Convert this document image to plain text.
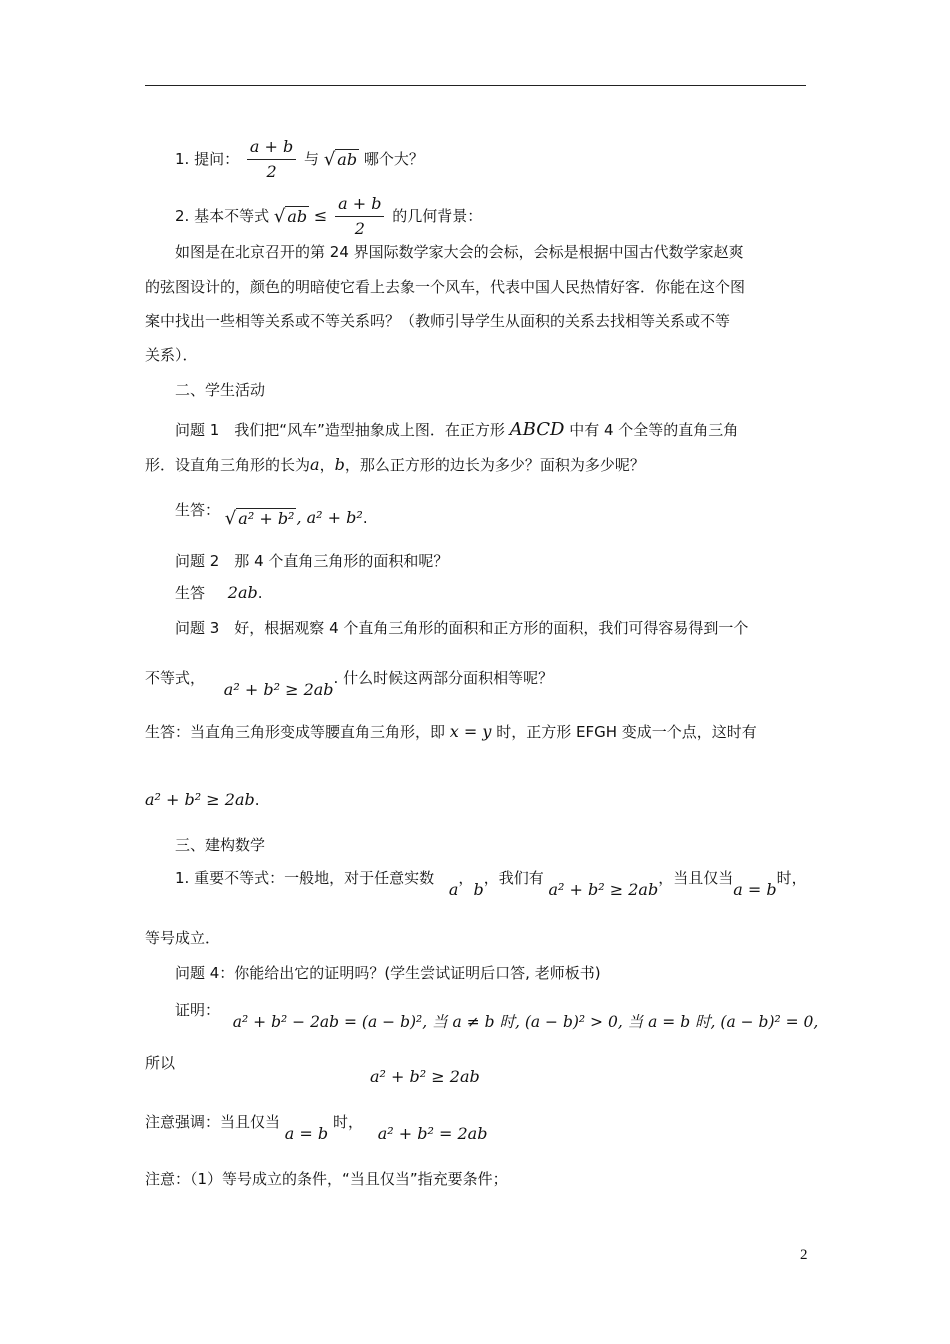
1. 提问： $\frac{a + b}{2}$ 与 √ ab 哪个大？
2. 基本不等式 √ ab ≤ $\frac{a + b}{2}$ 的几何背景：
如图是在北京召开的第 24 界国际数学家大会的会标，会标是根据中国古代数学家赵爽
的弦图设计的，颜色的明暗使它看上去象一个风车，代表中国人民热情好客．你能在这个图
案中找出一些相等关系或不等关系吗？（教师引导学生从面积的关系去找相等关系或不等
关系）．
二、学生活动
问题 1　我们把“风车”造型抽象成上图．在正方形 ABCD 中有 4 个全等的直角三角
形．设直角三角形的长为a，b，那么正方形的边长为多少？面积为多少呢？
生答： √ a² + b² , a² + b².
问题 2　那 4 个直角三角形的面积和呢？
生答 2ab.
问题 3　好，根据观察 4 个直角三角形的面积和正方形的面积，我们可得容易得到一个
不等式， a² + b² ≥ 2ab. 什么时候这两部分面积相等呢？
生答：当直角三角形变成等腰直角三角形，即 x = y 时，正方形 EFGH 变成一个点，这时有
a² + b² ≥ 2ab.
三、建构数学
1. 重要不等式：一般地，对于任意实数 a，b，我们有 a² + b² ≥ 2ab，当且仅当a = b时，
等号成立．
问题 4：你能给出它的证明吗？(学生尝试证明后口答, 老师板书)
证明： a² + b² − 2ab = (a − b)², 当 a ≠ b 时, (a − b)² > 0, 当 a = b 时, (a − b)² = 0,
所以
a² + b² ≥ 2ab
注意强调：当且仅当 a = b 时， a² + b² = 2ab
注意：（1）等号成立的条件，“当且仅当”指充要条件；
2
